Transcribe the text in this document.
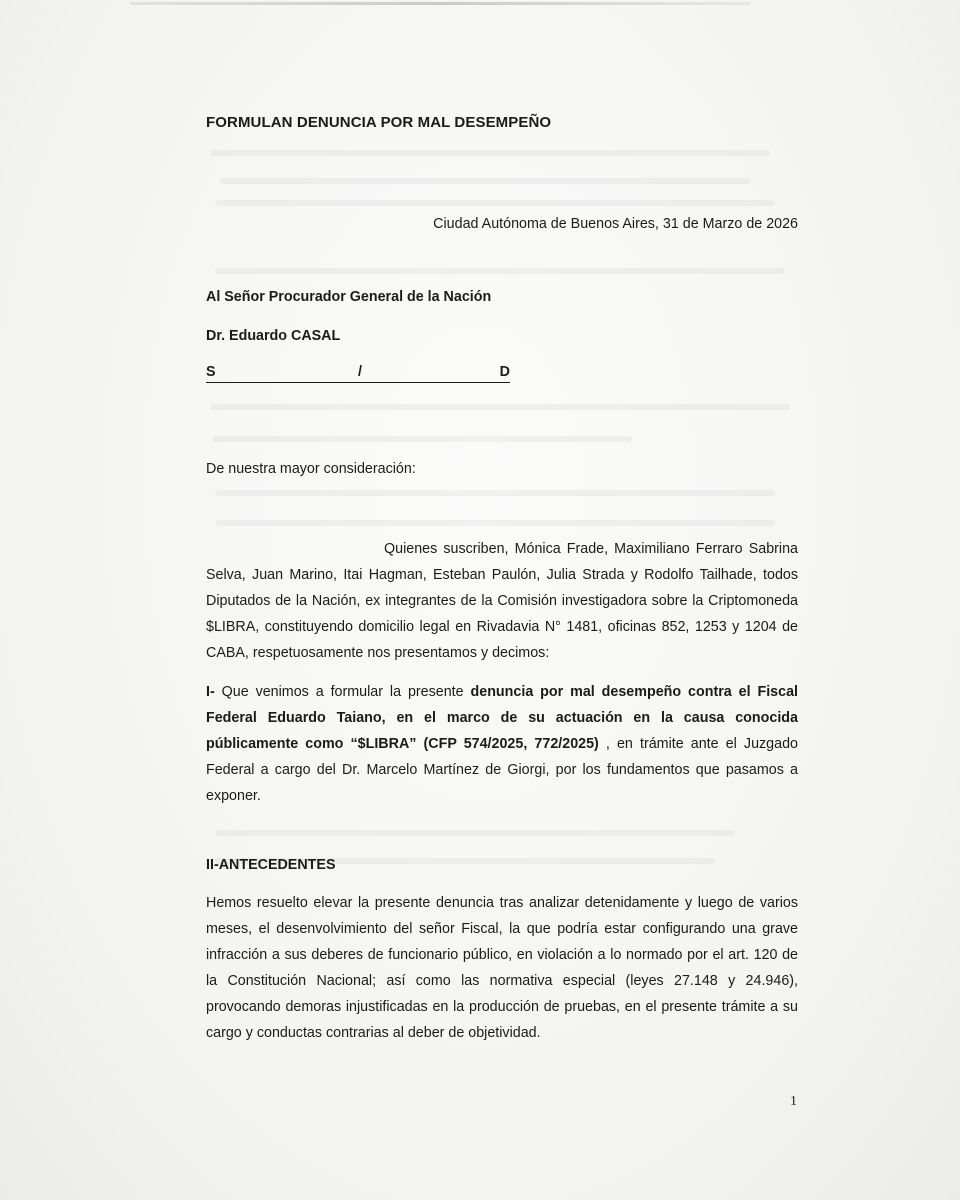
FORMULAN DENUNCIA POR MAL DESEMPEÑO
Ciudad Autónoma de Buenos Aires, 31 de Marzo de 2026
Al Señor Procurador General de la Nación
Dr. Eduardo CASAL
S	/	D
De nuestra mayor consideración:
Quienes suscriben, Mónica Frade, Maximiliano Ferraro Sabrina Selva, Juan Marino, Itai Hagman, Esteban Paulón, Julia Strada y Rodolfo Tailhade, todos Diputados de la Nación, ex integrantes de la Comisión investigadora sobre la Criptomoneda $LIBRA, constituyendo domicilio legal en Rivadavia N° 1481, oficinas 852, 1253 y 1204 de CABA, respetuosamente nos presentamos y decimos:
I- Que venimos a formular la presente denuncia por mal desempeño contra el Fiscal Federal Eduardo Taiano, en el marco de su actuación en la causa conocida públicamente como “$LIBRA” (CFP 574/2025, 772/2025) , en trámite ante el Juzgado Federal a cargo del Dr. Marcelo Martínez de Giorgi, por los fundamentos que pasamos a exponer.
II-ANTECEDENTES
Hemos resuelto elevar la presente denuncia tras analizar detenidamente y luego de varios meses, el desenvolvimiento del señor Fiscal, la que podría estar configurando una grave infracción a sus deberes de funcionario público, en violación a lo normado por el art. 120 de la Constitución Nacional; así como las normativa especial (leyes 27.148 y 24.946), provocando demoras injustificadas en la producción de pruebas, en el presente trámite a su cargo y conductas contrarias al deber de objetividad.
1
